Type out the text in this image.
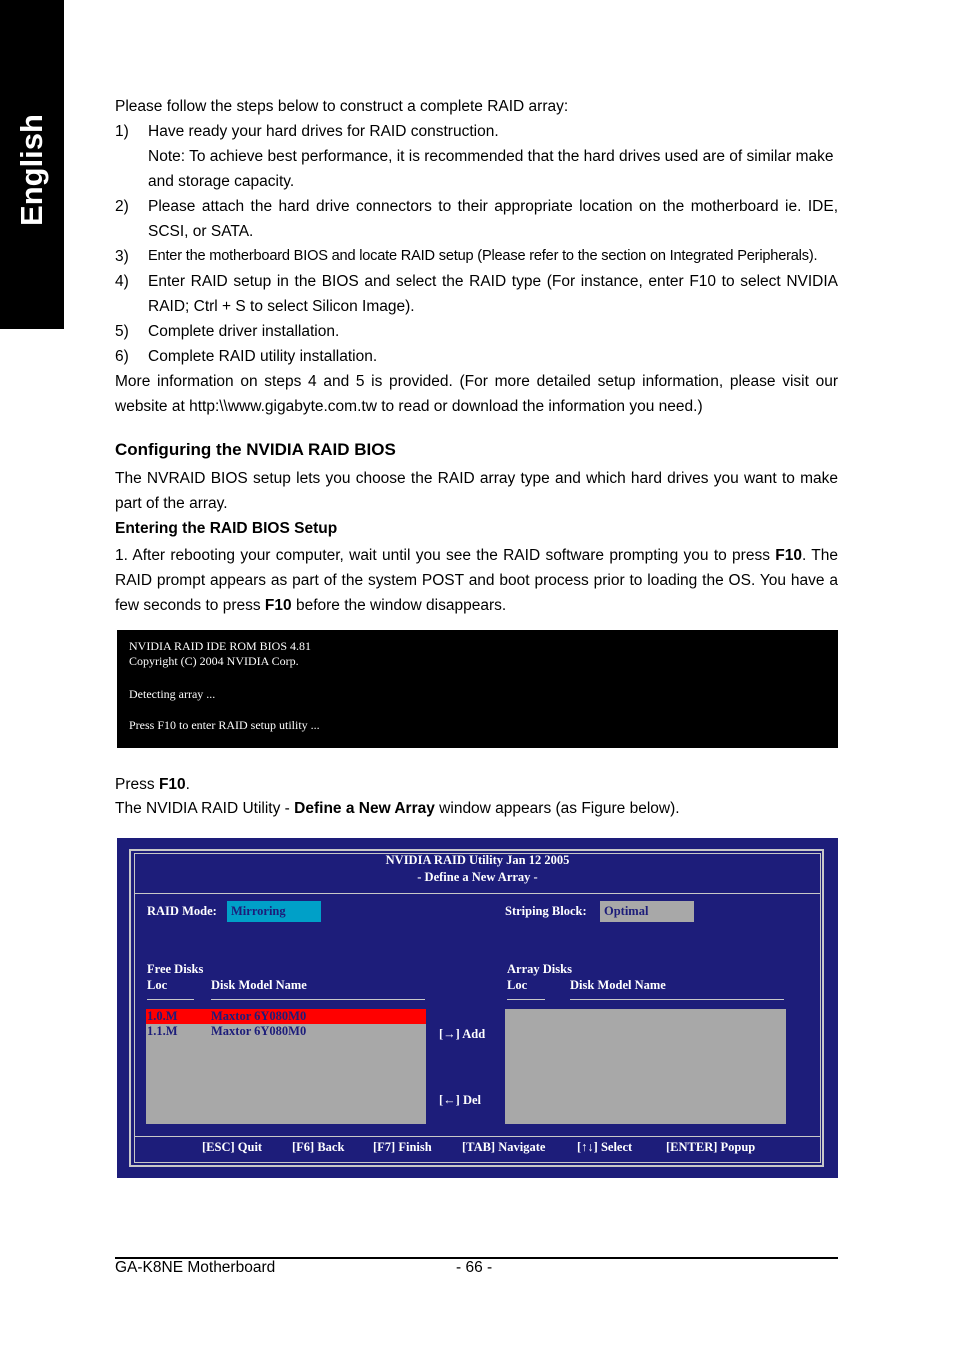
English
Please follow the steps below to construct a complete RAID array:
1) Have ready your hard drives for RAID construction.
Note: To achieve best performance, it is recommended that the hard drives used are of similar make and storage capacity.
2) Please attach the hard drive connectors to their appropriate location on the motherboard ie. IDE, SCSI, or SATA.
3) Enter the motherboard BIOS and locate RAID setup (Please refer to the section on Integrated Peripherals).
4) Enter RAID setup in the BIOS and select the RAID type (For instance, enter F10 to select NVIDIA RAID; Ctrl + S to select Silicon Image).
5) Complete driver installation.
6) Complete RAID utility installation.
More information on steps 4 and 5 is provided. (For more detailed setup information, please visit our website at http:\\www.gigabyte.com.tw to read or download the information you need.)
Configuring the NVIDIA RAID BIOS
The NVRAID BIOS setup lets you choose the RAID array type and which hard drives you want to make part of the array.
Entering the RAID BIOS Setup
1. After rebooting your computer, wait until you see the RAID software prompting you to press F10. The RAID prompt appears as part of the system POST and boot process prior to loading the OS. You have a few seconds to press F10 before the window disappears.
NVIDIA RAID IDE ROM BIOS 4.81
Copyright (C) 2004 NVIDIA Corp.
Detecting array ...
Press F10 to enter RAID setup utility ...
Press F10.
The NVIDIA RAID Utility - Define a New Array window appears (as Figure below).
NVIDIA RAID Utility Jan 12 2005
- Define a New Array -
RAID Mode:	Mirroring	Striping Block:	Optimal
Free Disks
Loc	Disk Model Name
Array Disks
Loc	Disk Model Name
1.0.M	Maxtor 6Y080M0
1.1.M	Maxtor 6Y080M0	[→] Add
[←] Del
[ESC] Quit [F6] Back [F7] Finish [TAB] Navigate	[↑↓] Select	[ENTER] Popup
GA-K8NE Motherboard	- 66 -
